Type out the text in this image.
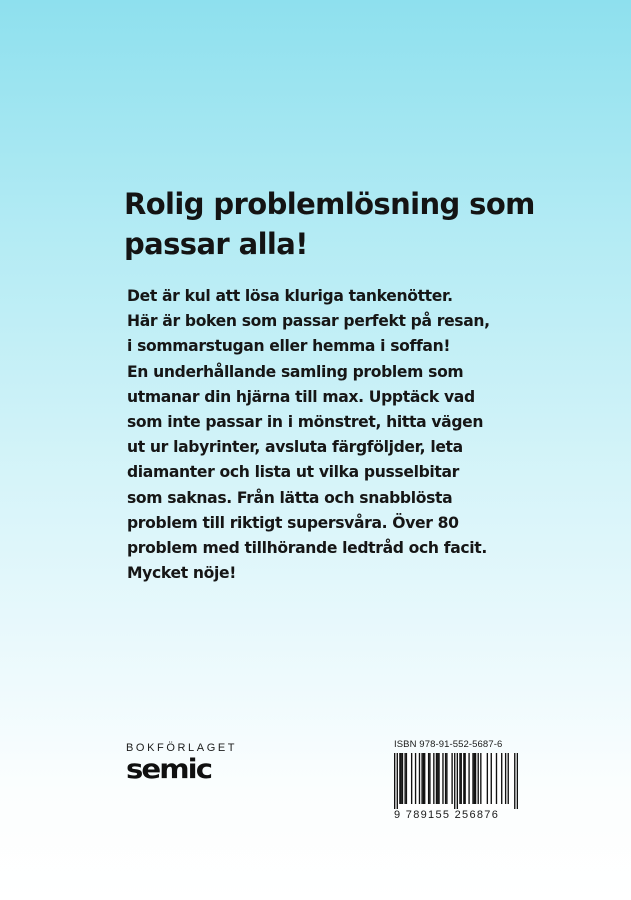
Rolig problemlösning som
passar alla!
Det är kul att lösa kluriga tankenötter.
Här är boken som passar perfekt på resan,
i sommarstugan eller hemma i soffan!
En underhållande samling problem som
utmanar din hjärna till max. Upptäck vad
som inte passar in i mönstret, hitta vägen
ut ur labyrinter, avsluta färgföljder, leta
diamanter och lista ut vilka pusselbitar
som saknas. Från lätta och snabblösta
problem till riktigt supersvåra. Över 80
problem med tillhörande ledtråd och facit.
Mycket nöje!
BOKFÖRLAGET
semic
ISBN 978-91-552-5687-6
9 789155 256876
